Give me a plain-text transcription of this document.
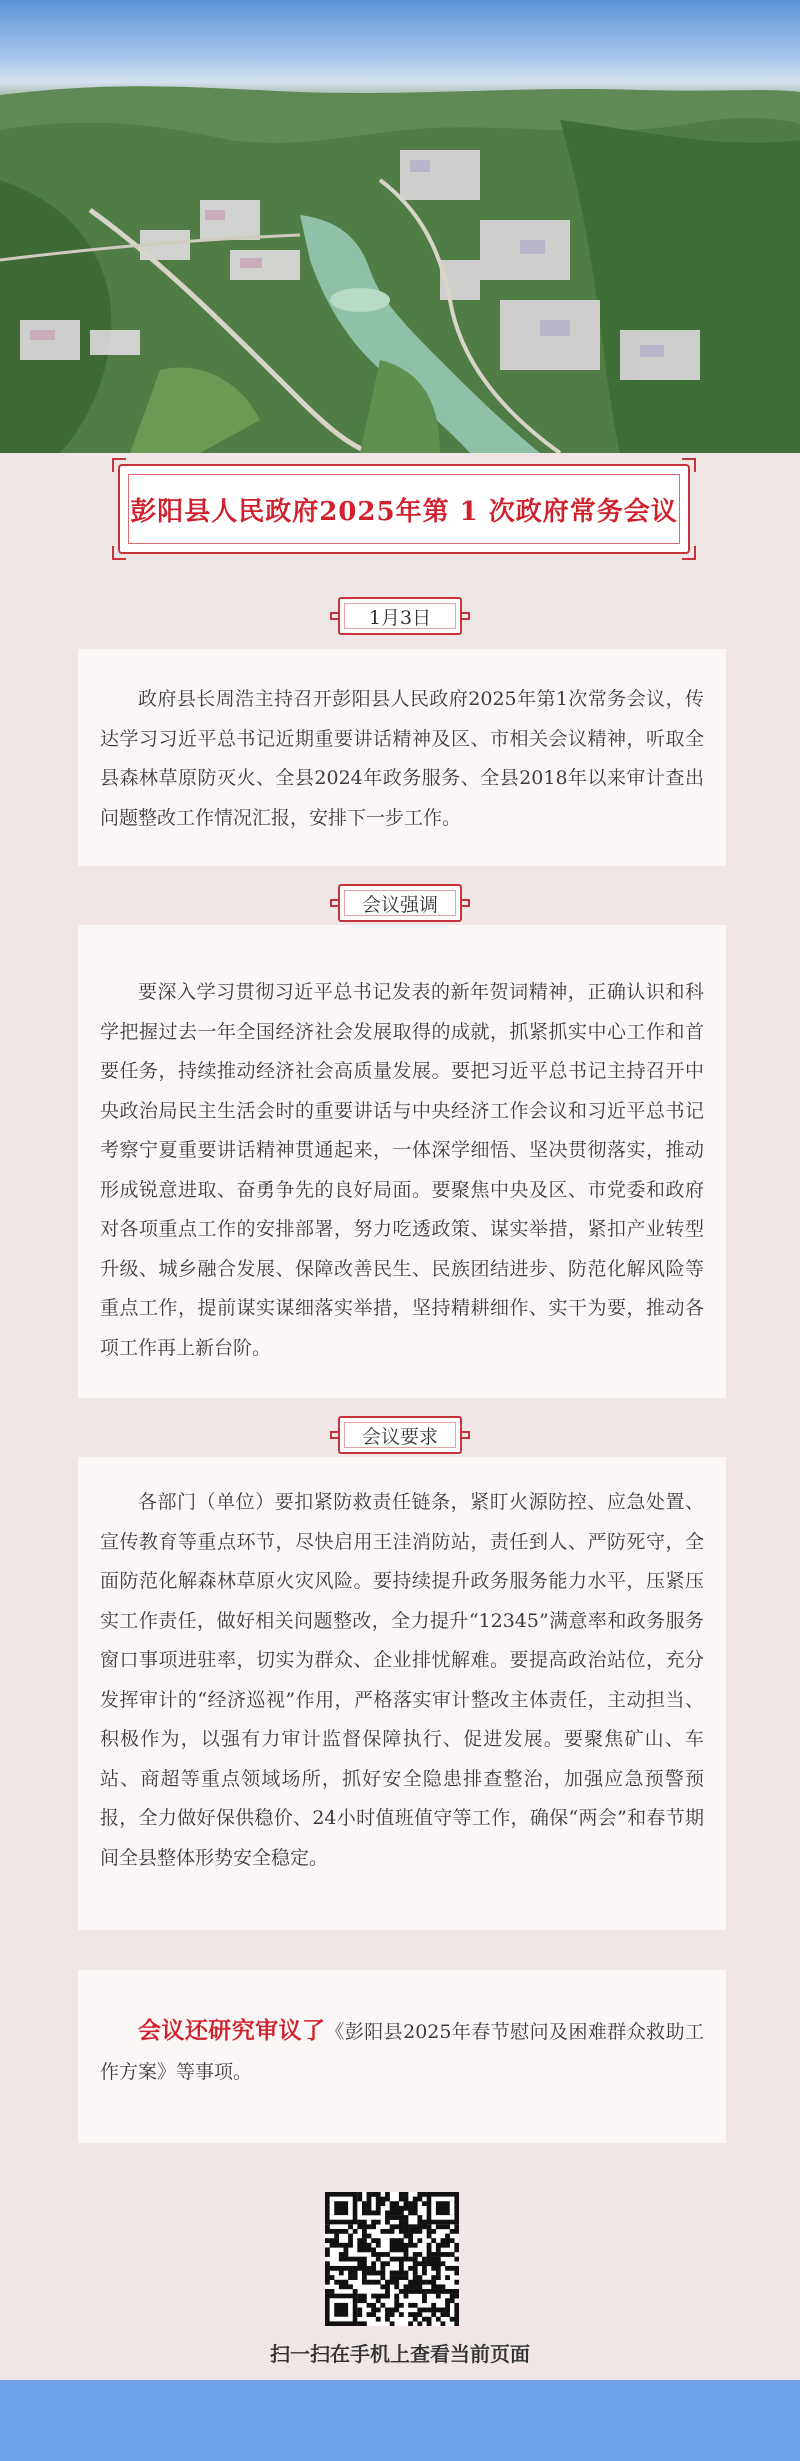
彭阳县人民政府2025年第 1 次政府常务会议
1月3日

政府县长周浩主持召开彭阳县人民政府2025年第1次常务会议，传达学习习近平总书记近期重要讲话精神及区、市相关会议精神，听取全县森林草原防灭火、全县2024年政务服务、全县2018年以来审计查出问题整改工作情况汇报，安排下一步工作。

会议强调

要深入学习贯彻习近平总书记发表的新年贺词精神，正确认识和科学把握过去一年全国经济社会发展取得的成就，抓紧抓实中心工作和首要任务，持续推动经济社会高质量发展。要把习近平总书记主持召开中央政治局民主生活会时的重要讲话与中央经济工作会议和习近平总书记考察宁夏重要讲话精神贯通起来，一体深学细悟、坚决贯彻落实，推动形成锐意进取、奋勇争先的良好局面。要聚焦中央及区、市党委和政府对各项重点工作的安排部署，努力吃透政策、谋实举措，紧扣产业转型升级、城乡融合发展、保障改善民生、民族团结进步、防范化解风险等重点工作，提前谋实谋细落实举措，坚持精耕细作、实干为要，推动各项工作再上新台阶。

会议要求

各部门（单位）要扣紧防救责任链条，紧盯火源防控、应急处置、宣传教育等重点环节，尽快启用王洼消防站，责任到人、严防死守，全面防范化解森林草原火灾风险。要持续提升政务服务能力水平，压紧压实工作责任，做好相关问题整改，全力提升“12345”满意率和政务服务窗口事项进驻率，切实为群众、企业排忧解难。要提高政治站位，充分发挥审计的“经济巡视”作用，严格落实审计整改主体责任，主动担当、积极作为，以强有力审计监督保障执行、促进发展。要聚焦矿山、车站、商超等重点领域场所，抓好安全隐患排查整治，加强应急预警预报，全力做好保供稳价、24小时值班值守等工作，确保“两会”和春节期间全县整体形势安全稳定。

会议还研究审议了《彭阳县2025年春节慰问及困难群众救助工作方案》等事项。

扫一扫在手机上查看当前页面
